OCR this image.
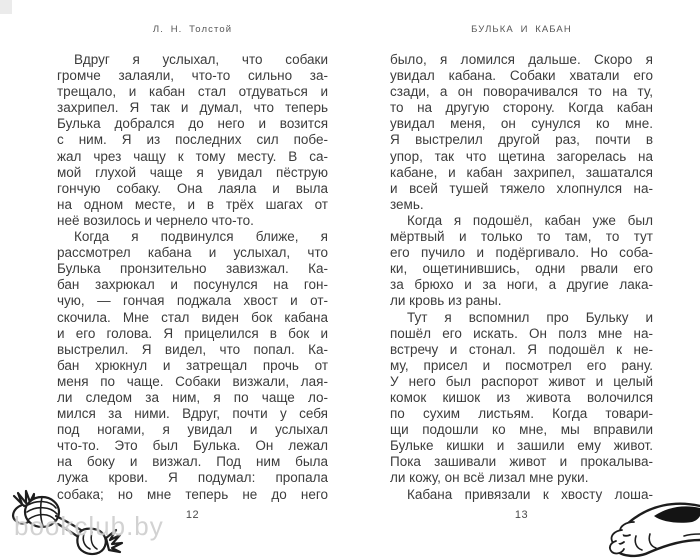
Л. Н. Толстой
Вдруг я услыхал, что собаки
громче залаяли, что-то сильно за-
трещало, и кабан стал отдуваться и
захрипел. Я так и думал, что теперь
Булька добрался до него и возится
с ним. Я из последних сил побе-
жал чрез чащу к тому месту. В са-
мой глухой чаще я увидал пёструю
гончую собаку. Она лаяла и выла
на одном месте, и в трёх шагах от
неё возилось и чернело что-то.
Когда я подвинулся ближе, я
рассмотрел кабана и услыхал, что
Булька пронзительно завизжал. Ка-
бан захрюкал и посунулся на гон-
чую, — гончая поджала хвост и от-
скочила. Мне стал виден бок кабана
и его голова. Я прицелился в бок и
выстрелил. Я видел, что попал. Ка-
бан хрюкнул и затрещал прочь от
меня по чаще. Собаки визжали, лая-
ли следом за ним, я по чаще ло-
мился за ними. Вдруг, почти у себя
под ногами, я увидал и услыхал
что-то. Это был Булька. Он лежал
на боку и визжал. Под ним была
лужа крови. Я подумал: пропала
собака; но мне теперь не до него
12
БУЛЬКА И КАБАН
было, я ломился дальше. Скоро я
увидал кабана. Собаки хватали его
сзади, а он поворачивался то на ту,
то на другую сторону. Когда кабан
увидал меня, он сунулся ко мне.
Я выстрелил другой раз, почти в
упор, так что щетина загорелась на
кабане, и кабан захрипел, зашатался
и всей тушей тяжело хлопнулся на-
земь.
Когда я подошёл, кабан уже был
мёртвый и только то там, то тут
его пучило и подёргивало. Но соба-
ки, ощетинившись, одни рвали его
за брюхо и за ноги, а другие лака-
ли кровь из раны.
Тут я вспомнил про Бульку и
пошёл его искать. Он полз мне на-
встречу и стонал. Я подошёл к не-
му, присел и посмотрел его рану.
У него был распорот живот и целый
комок кишок из живота волочился
по сухим листьям. Когда товари-
щи подошли ко мне, мы вправили
Бульке кишки и зашили ему живот.
Пока зашивали живот и прокалыва-
ли кожу, он всё лизал мне руки.
Кабана привязали к хвосту лоша-
13
bookclub.by
